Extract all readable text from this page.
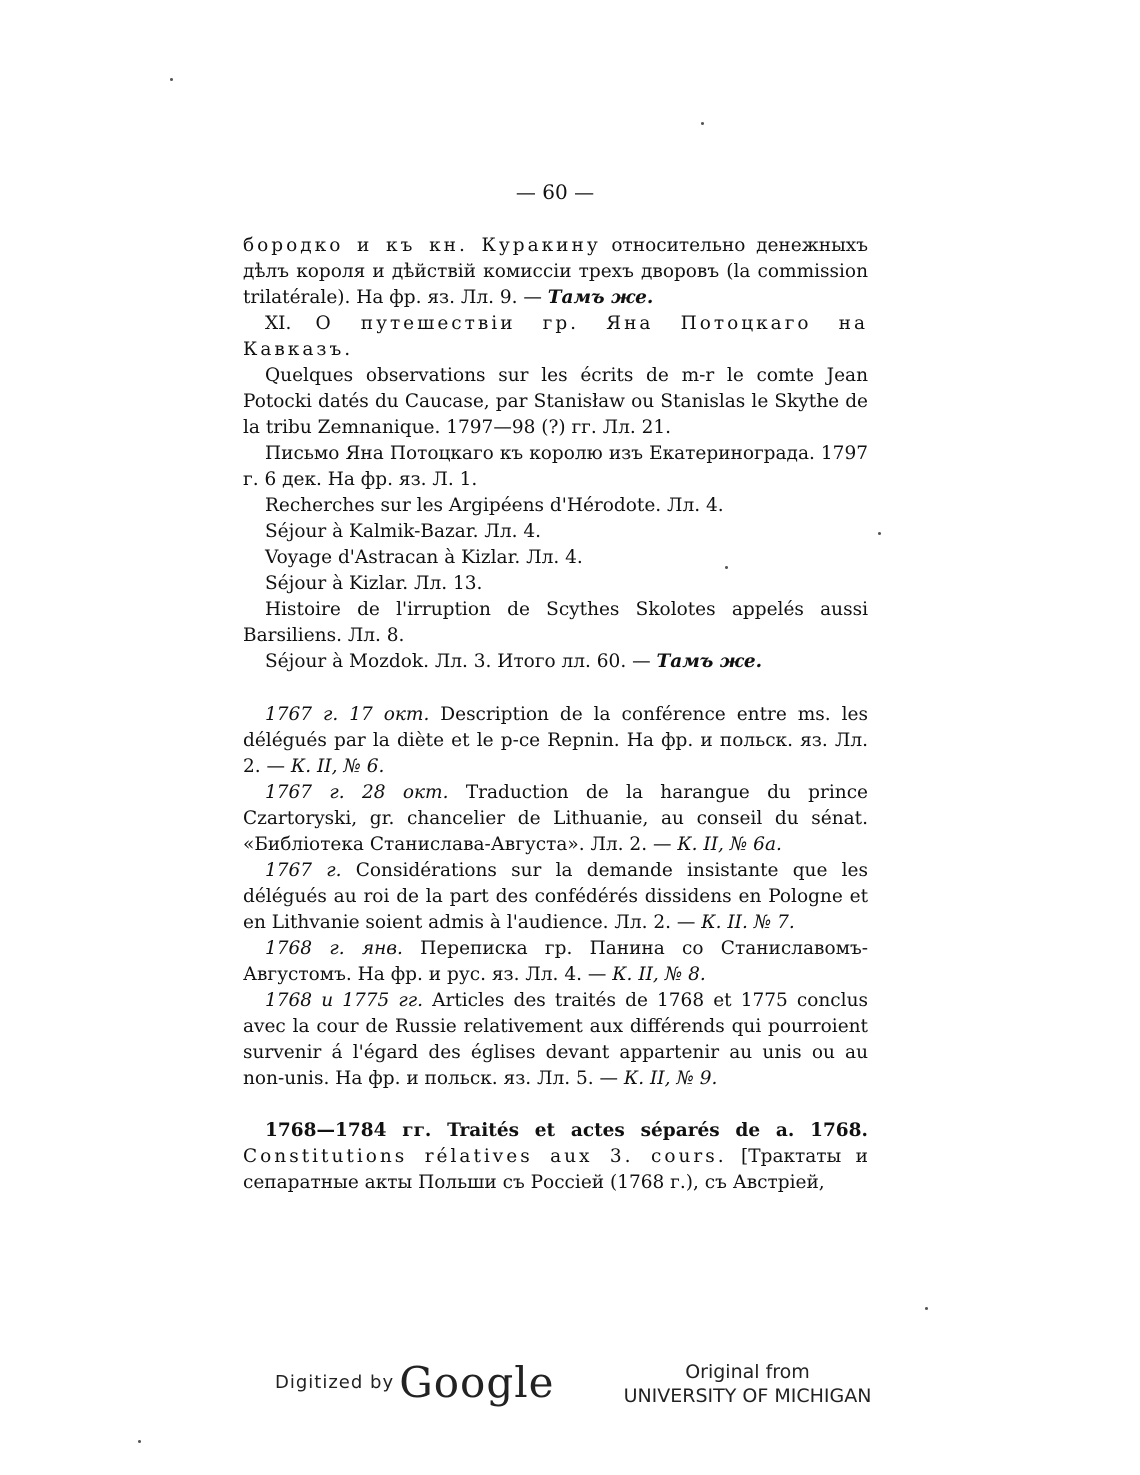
— 60 —

бородко и къ кн. Куракину относительно денежныхъ дѣлъ короля и дѣйствій комиссіи трехъ дворовъ (la commission trilatérale). На фр. яз. Лл. 9. — Тамъ же.

XI. О путешествіи гр. Яна Потоцкаго на Кавказъ.

Quelques observations sur les écrits de m-r le comte Jean Potocki datés du Caucase, par Stanisław ou Stanislas le Skythe de la tribu Zemnanique. 1797—98 (?) гг. Лл. 21.

Письмо Яна Потоцкаго къ королю изъ Екатеринограда. 1797 г. 6 дек. На фр. яз. Л. 1.

Recherches sur les Argipéens d'Hérodote. Лл. 4.

Séjour à Kalmik-Bazar. Лл. 4.

Voyage d'Astracan à Kizlar. Лл. 4.

Séjour à Kizlar. Лл. 13.

Histoire de l'irruption de Scythes Skolotes appelés aussi Barsiliens. Лл. 8.

Séjour à Mozdok. Лл. 3. Итого лл. 60. — Тамъ же.

1767 г. 17 окт. Description de la conférence entre ms. les délégués par la diète et le p-ce Repnin. На фр. и польск. яз. Лл. 2. — К. II, № 6.

1767 г. 28 окт. Traduction de la harangue du prince Czartoryski, gr. chancelier de Lithuanie, au conseil du sénat. «Библіотека Станислава-Августа». Лл. 2. — К. II, № 6а.

1767 г. Considérations sur la demande insistante que les délégués au roi de la part des confédérés dissidens en Pologne et en Lithvanie soient admis à l'audience. Лл. 2. — К. II. № 7.

1768 г. янв. Переписка гр. Панина со Станиславомъ-Августомъ. На фр. и рус. яз. Лл. 4. — К. II, № 8.

1768 и 1775 гг. Articles des traités de 1768 et 1775 conclus avec la cour de Russie relativement aux différends qui pourroient survenir á l'égard des églises devant appartenir au unis ou au non-unis. На фр. и польск. яз. Лл. 5. — К. II, № 9.

1768—1784 гг. Traités et actes séparés de a. 1768. Constitutions rélatives aux 3. cours. [Трактаты и сепаратные акты Польши съ Россіей (1768 г.), съ Австріей,

Digitized by Google	Original from
UNIVERSITY OF MICHIGAN
